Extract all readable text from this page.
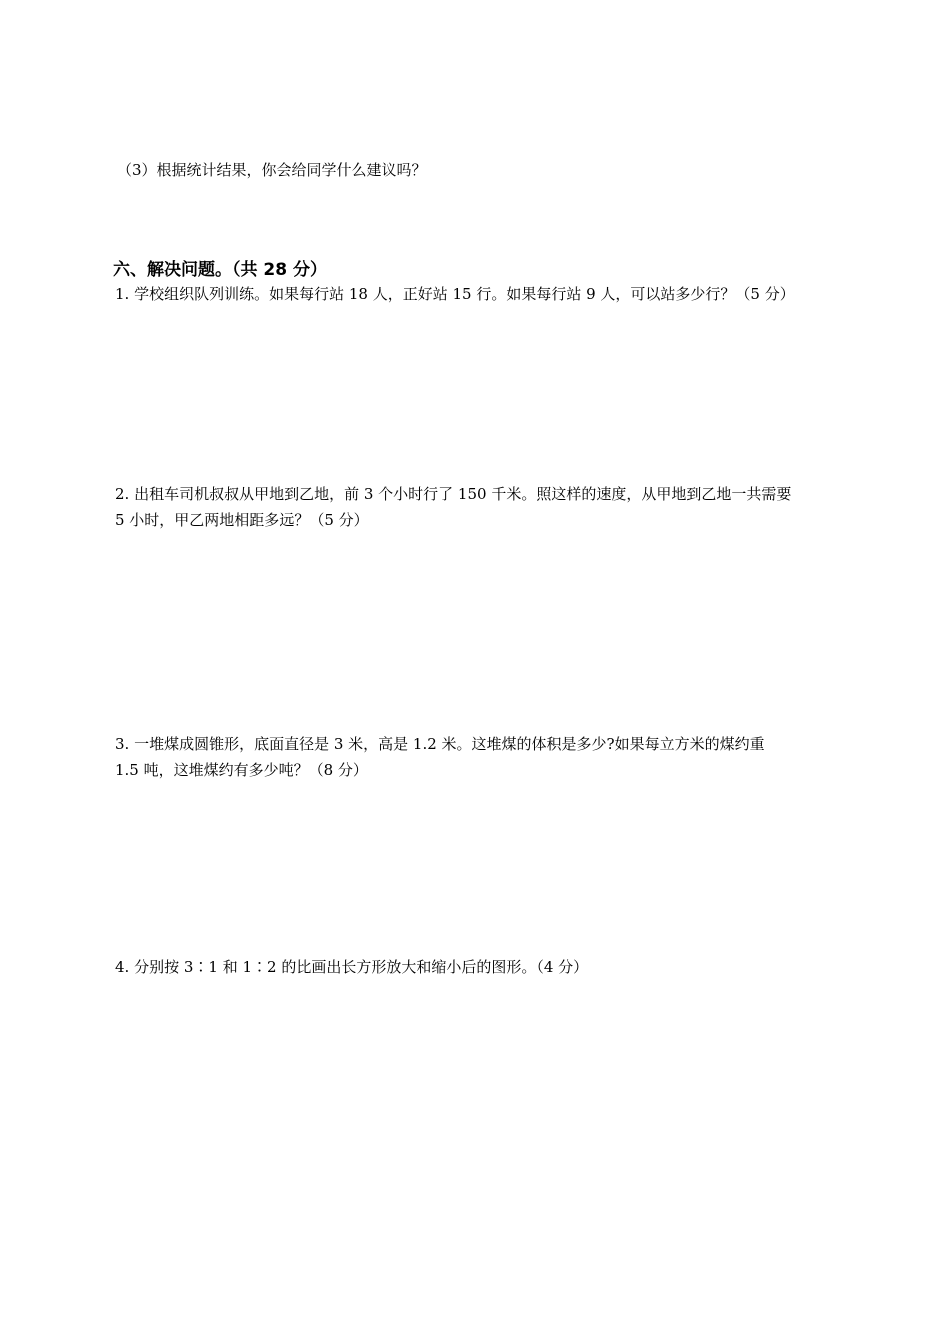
（3）根据统计结果，你会给同学什么建议吗？
六、解决问题。（共 28 分）
1. 学校组织队列训练。如果每行站 18 人，正好站 15 行。如果每行站 9 人，可以站多少行？（5 分）
2. 出租车司机叔叔从甲地到乙地，前 3 个小时行了 150 千米。照这样的速度，从甲地到乙地一共需要
5 小时，甲乙两地相距多远？（5 分）
3. 一堆煤成圆锥形，底面直径是 3 米，高是 1.2 米。这堆煤的体积是多少?如果每立方米的煤约重
1.5 吨，这堆煤约有多少吨？（8 分）
4. 分别按 3∶1 和 1∶2 的比画出长方形放大和缩小后的图形。（4 分）
